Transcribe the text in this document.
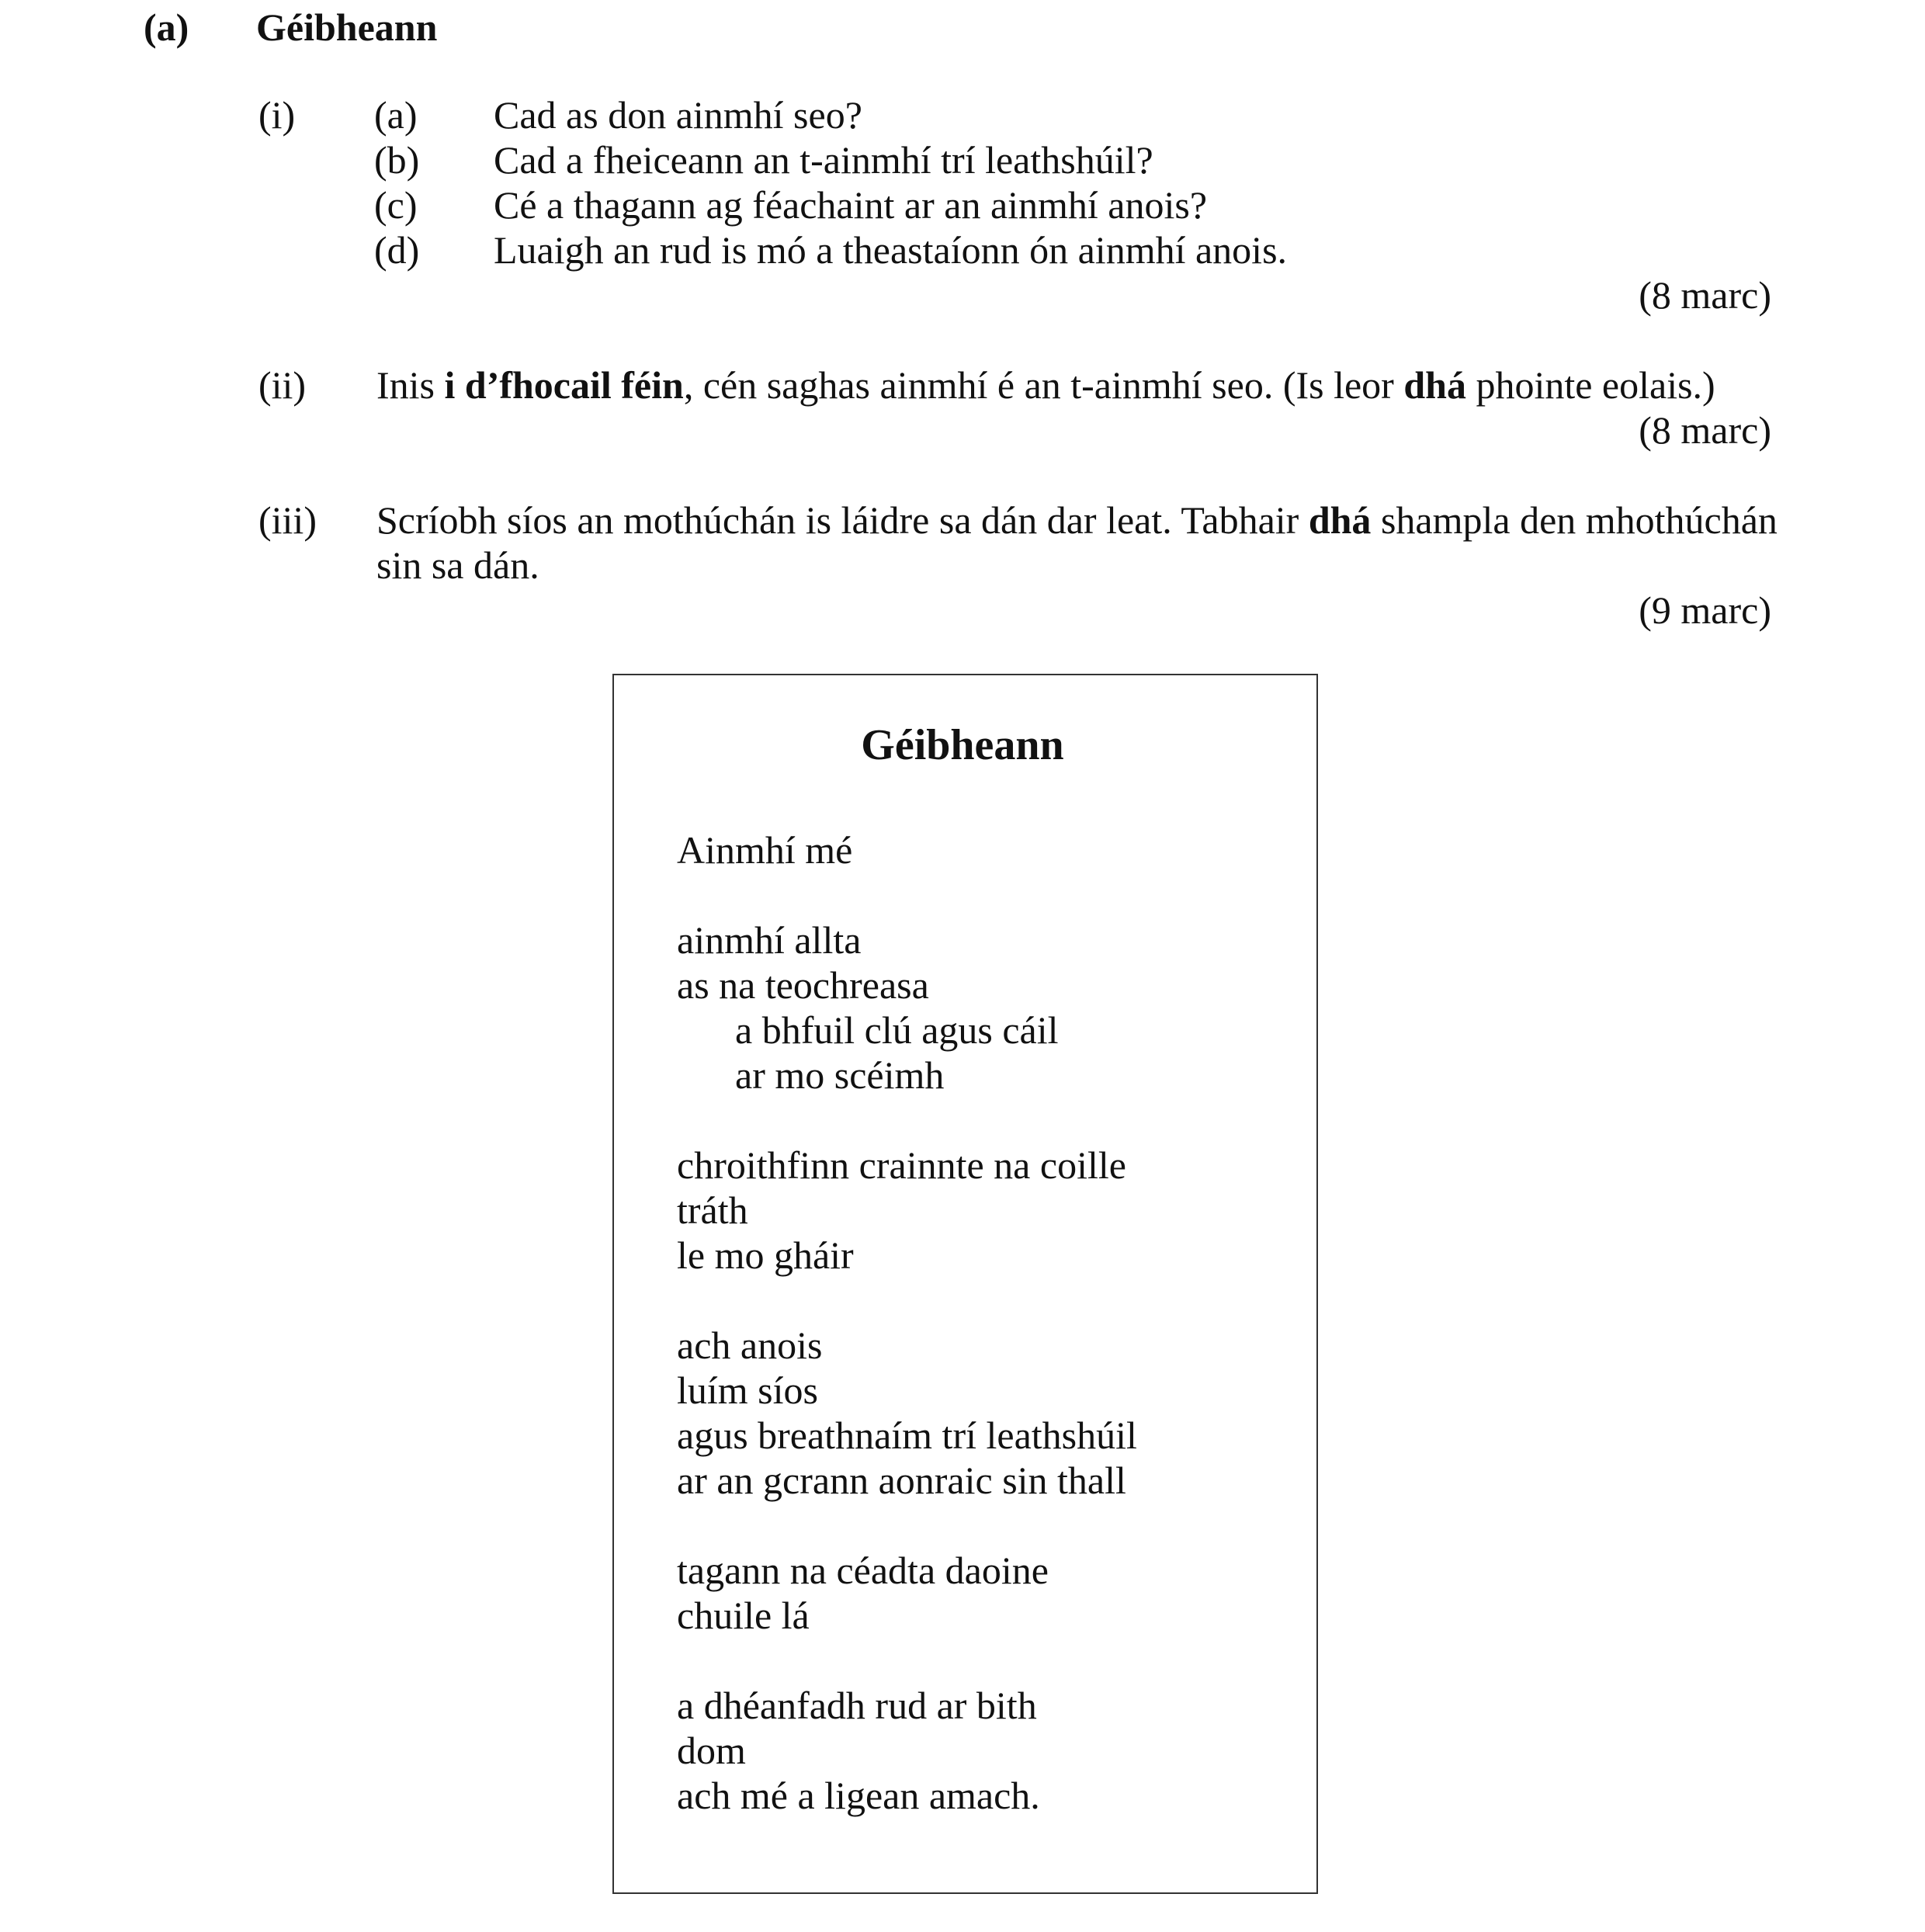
(a) Géibheann
(i) (a) Cad as don ainmhí seo?
(b) Cad a fheiceann an t-ainmhí trí leathshúil?
(c) Cé a thagann ag féachaint ar an ainmhí anois?
(d) Luaigh an rud is mó a theastaíonn ón ainmhí anois.
(8 marc)
(ii) Inis i d’fhocail féin, cén saghas ainmhí é an t-ainmhí seo. (Is leor dhá phointe eolais.)
(8 marc)
(iii) Scríobh síos an mothúchán is láidre sa dán dar leat. Tabhair dhá shampla den mhothúchán
sin sa dán.
(9 marc)
Géibheann
Ainmhí mé
ainmhí allta
as na teochreasa
a bhfuil clú agus cáil
ar mo scéimh
chroithfinn crainnte na coille
tráth
le mo gháir
ach anois
luím síos
agus breathnaím trí leathshúil
ar an gcrann aonraic sin thall
tagann na céadta daoine
chuile lá
a dhéanfadh rud ar bith
dom
ach mé a ligean amach.
